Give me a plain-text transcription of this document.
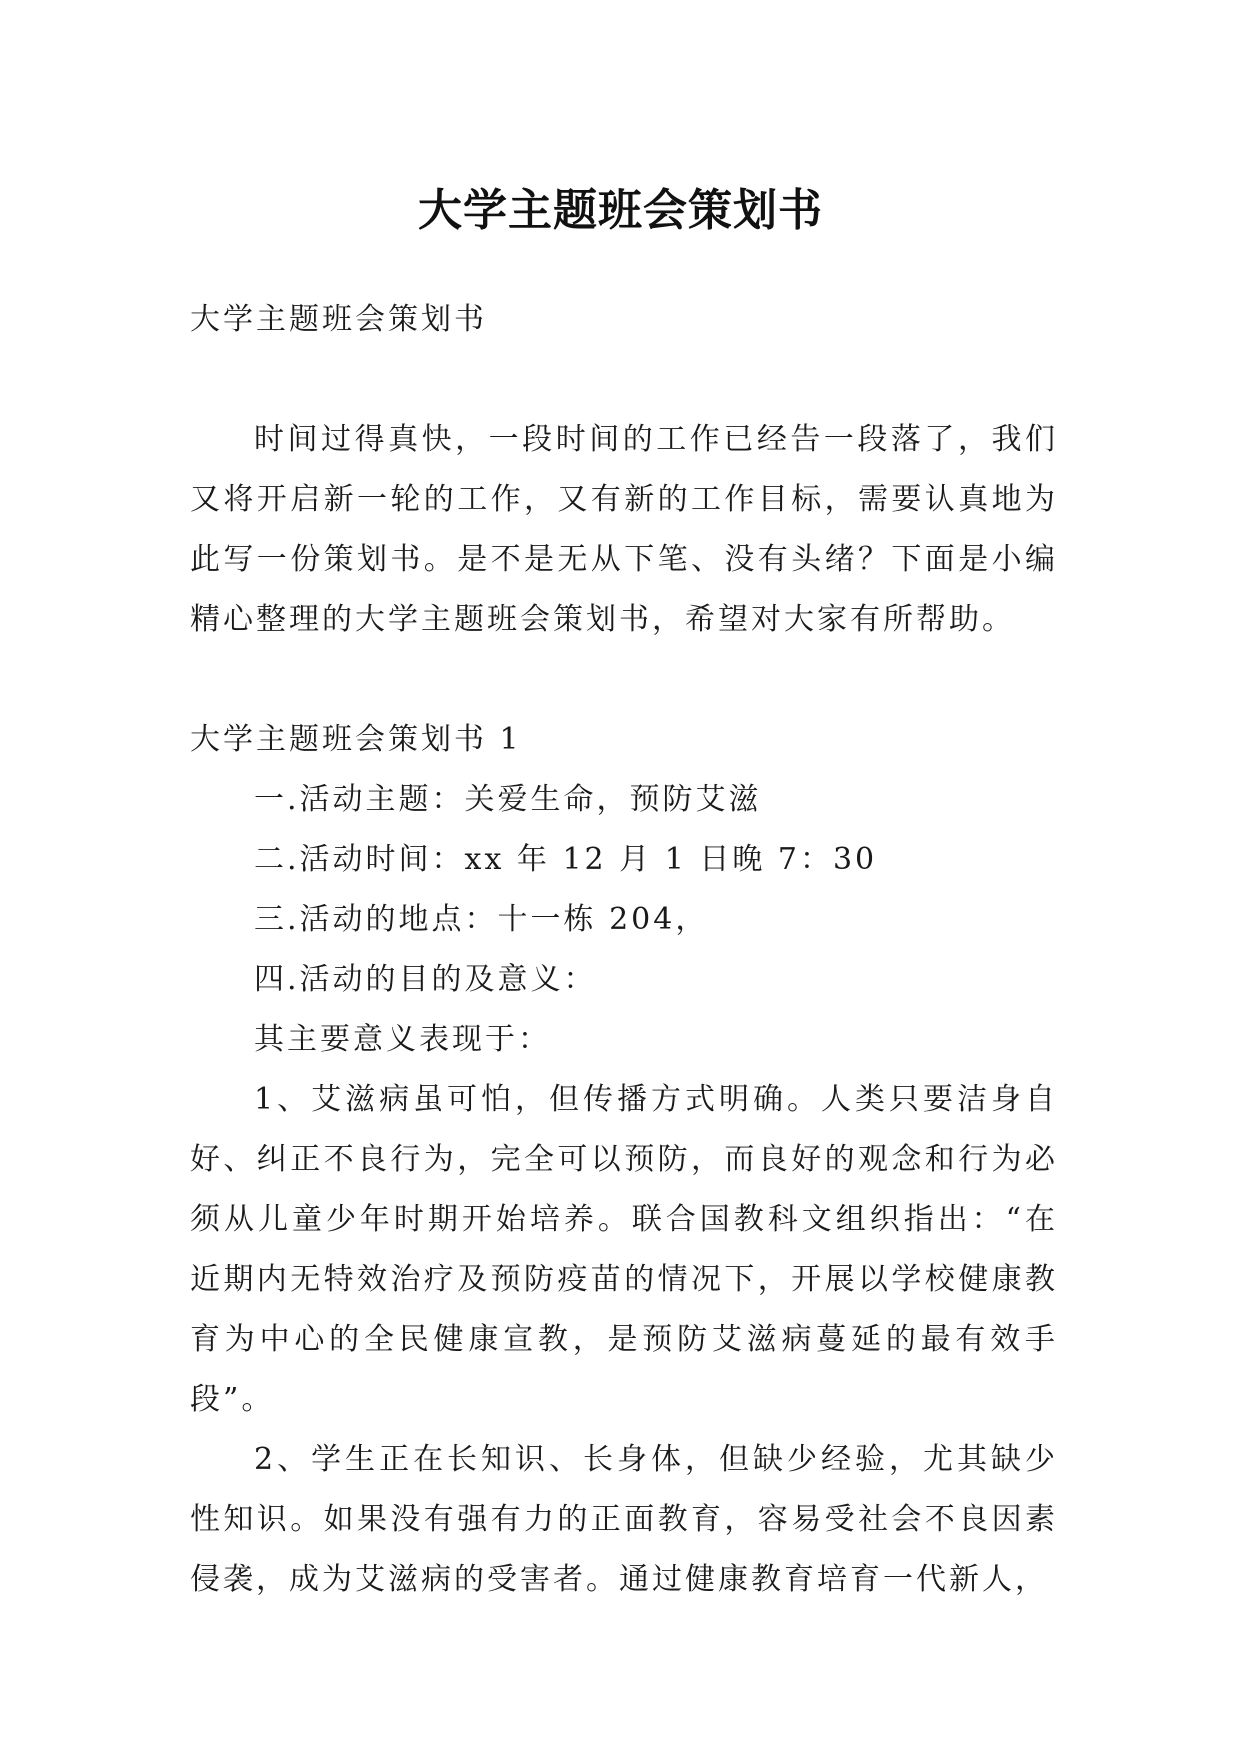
大学主题班会策划书

大学主题班会策划书

时间过得真快，一段时间的工作已经告一段落了，我们又将开启新一轮的工作，又有新的工作目标，需要认真地为此写一份策划书。是不是无从下笔、没有头绪？下面是小编精心整理的大学主题班会策划书，希望对大家有所帮助。

大学主题班会策划书 1

一.活动主题：关爱生命，预防艾滋

二.活动时间：xx 年 12 月 1 日晚 7：30

三.活动的地点：十一栋 204，

四.活动的目的及意义：

其主要意义表现于：

1、艾滋病虽可怕，但传播方式明确。人类只要洁身自好、纠正不良行为，完全可以预防，而良好的观念和行为必须从儿童少年时期开始培养。联合国教科文组织指出：“在近期内无特效治疗及预防疫苗的情况下，开展以学校健康教育为中心的全民健康宣教，是预防艾滋病蔓延的最有效手段”。

2、学生正在长知识、长身体，但缺少经验，尤其缺少性知识。如果没有强有力的正面教育，容易受社会不良因素侵袭，成为艾滋病的受害者。通过健康教育培育一代新人，
